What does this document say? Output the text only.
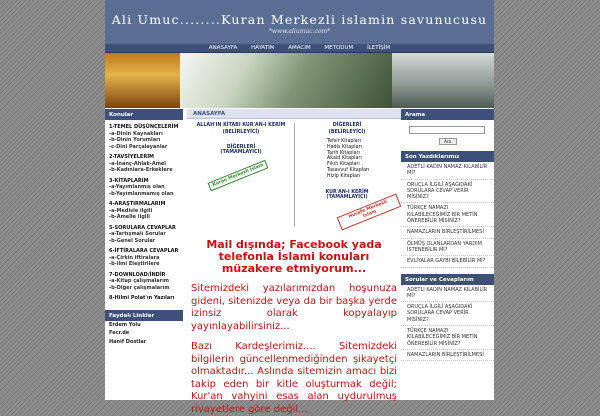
Ali Umuc........Kuran Merkezli islamin savunucusu
*www.aliumuc.com*
ANASAYFA	HAYATIM	AMACIM	METODUM	İLETİŞİM
Konular
1-TEMEL DÜŞÜNCELERİM
-a-Dinin Kaynakları
-b-Dinin Yorumları
-c-Dini Parçalayanlar
2-TAVSİYELERİM
-a-İnanç-Ahlak-Amel
-b-Kadınlara-Erkeklere
3-KİTAPLARIM
-a-Yayımlanmış olan
-b-Yayımlanmamış olan
4-ARAŞTIRMALARIM
-a-Medisle ilgili
-b-Amelle ilgili
5-SORULARA CEVAPLAR
-a-Tartışmalı Sorular
-b-Genel Sorular
6-İFTİRALARA CEVAPLAR
-a-Çirkin iftiralara
-b-ilmi Eleştirilere
7-DOWNLOAD/İNDİR
-a-Kitap çalışmalarım
-b-Diğer çalışmalarım
8-Hilmi Polat'ın Yazıları
Faydalı Linkler
Erdem Yolu
Fecr.de
Hanif Dostlar
ANASAYFA
ALLAH'IN KİTABI KUR'AN-I KERİM
(BELİRLEYİCİ)
DİĞERLERİ
(TAMAMLAYICI)
DİĞERLERİ
(BELİRLEYİCİ)
Tefsir Kitapları
Hadis Kitapları
Tarih Kitapları
Akaid Kitapları
Fıkıh Kitapları
Tasavvuf Kitapları
Hizip Kitapları
KUR'AN-I KERİM
(TAMAMLAYICI)
Kuran Merkezli İslam
Hurafe Merkezli İslam
Mail dışında; Facebook yada telefonla İslami konuları müzakere etmiyorum...
Sitemizdeki yazılarımızdan hoşunuza gideni, sitenizde veya da bir başka yerde izinsiz olarak kopyalayıp yayınlayabilirsiniz...
Bazı Kardeşlerimiz.... Sitemizdeki bilgilerin güncellenmediğinden şikayetçi olmaktadır... Aslında sitemizin amacı bizi takip eden bir kitle oluşturmak değil; Kur'an vahyini esas alan uydurulmuş rivayetlere göre değil...
Arama
Ara
Son Yazdıklarımız
ADETLİ KADIN NAMAZ KILABİLİR Mİ?
ORUÇLA İLGİLİ AŞAĞIDAKİ SORULARA CEVAP VERİR MİSİNİZ?
TÜRKÇE NAMAZI KILABİLECEĞİMİZ BİR METİN ÖNEREBİLİR MİSİNİZ?
NAMAZLARIN BİRLEŞTİRİLMESİ
ÖLMÜŞ OLANLARDAN YARDIM İSTENEBİLİR Mİ?
EVLİYALAR GAYBI BİLEBİLİR Mİ?
Sorular ve Cevaplarım
ADETLİ KADIN NAMAZ KILABİLİR Mİ?
ORUÇLA İLGİLİ AŞAĞIDAKİ SORULARA CEVAP VERİR MİSİNİZ?
TÜRKÇE NAMAZI KILABİLECEĞİMİZ BİR METİN ÖNEREBİLİR MİSİNİZ?
NAMAZLARIN BİRLEŞTİRİLMESİ
